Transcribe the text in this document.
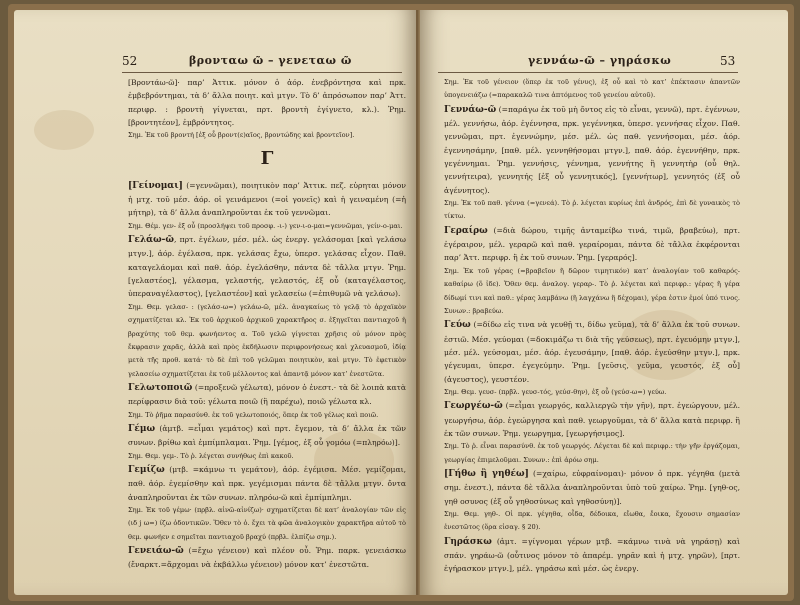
52	βρονταω ῶ – γενεταω ῶ

[Βροντάω-ῶ]· παρ’ Ἀττικ. μόνον ὁ ἀόρ. ἐνεβρόντησα καὶ πρκ. ἐμβεβρόντημαι, τὰ δ’ ἄλλα ποιητ. καὶ μτγν. Τὸ δ’ ἀπρόσωπον παρ’ Ἀττ. περιφρ. : βροντὴ γίγνεται, πρτ. βροντὴ ἐγίγνετο, κλ.). Ῥημ. [βροντητέον], ἐμβρόντητος.

Σημ. Ἐκ τοῦ βροντή [ἐξ οὗ βροντ(ε)αῖος, βροντώδης καὶ βροντεῖον].

Γ

[Γείνομαι] (=γεννῶμαι), ποιητικὸν παρ’ Ἀττικ. πεζ. εὑρηται μόνον ἡ μτχ. τοῦ μέσ. ἀόρ. οἱ γεινάμενοι (=οἱ γονεῖς) καὶ ἡ γειναμένη (=ἡ μήτηρ), τὰ δ’ ἄλλα ἀναπληροῦνται ἐκ τοῦ γεννῶμαι.

Σημ. Θέμ. γεν- ἐξ οὗ (προσλήψει τοῦ προσφ. -ι-) γεν-ι-ο-μαι=γεννῶμαι, γείν-ο-μαι.

Γελάω-ῶ, πρτ. ἐγέλων, μέσ. μέλ. ὡς ἐνεργ. γελάσομαι [καὶ γελάσω μτγν.], ἀόρ. ἐγέλασα, πρκ. γελάσας ἔχω, ὑπερσ. γελάσας εἶχον. Παθ. καταγελάομαι καὶ παθ. ἀόρ. ἐγελάσθην, πάντα δὲ τἄλλα μτγν. Ῥημ. [γελαστέος], γέλασμα, γελαστής, γελαστός, ἐξ οὗ (καταγέλαστος, ὑπεραναγέλαστος), [γελαστέον] καὶ γελασείω (=ἐπιθυμῶ νὰ γελάσω).

Σημ. Θεμ. γελασ- : (γελάσ-ω=) γελάω-ῶ, μέλ. ἀναγκαίως τὸ γελᾷ τὸ ἀρχαϊκὸν σχηματίζεται κλ. Ἐκ τοῦ ἀρχικοῦ ἀρχικοῦ χαρακτῆρος σ. ἐξηγεῖται παντιαχοῦ ἡ βραχύτης τοῦ θεμ. φωνήεντος α. Τοῦ γελῶ γίγνεται χρῆσις οὐ μόνον πρὸς ἔκφρασιν χαρᾶς, ἀλλὰ καὶ πρὸς ἐκδήλωσιν περιφρονήσεως καὶ χλευασμοῦ, ἰδίᾳ μετὰ τῆς προθ. κατά· τὸ δὲ ἐπὶ τοῦ γελῶμαι ποιητικὸν, καὶ μτγν. Τὸ ἐφετικὸν γελασείω σχηματίζεται ἐκ τοῦ μέλλοντος καὶ ἀπαντᾷ μόνον κατ’ ἐνεστῶτα.

Γελωτοποιῶ (=προξενῶ γέλωτα), μόνον ὁ ἐνεστ.· τὰ δὲ λοιπὰ κατὰ περίφρασιν διὰ τοῦ: γέλωτα ποιῶ (ἢ παρέχω), ποιῶ γέλωτα κλ.

Σημ. Τὸ ῥῆμα παρασύνθ. ἐκ τοῦ γελωτοποιός, ὅπερ ἐκ τοῦ γέλως καὶ ποιῶ.

Γέμω (ἀμτβ. =εἶμαι γεμάτος) καὶ πρτ. ἔγεμον, τὰ δ’ ἄλλα ἐκ τῶν συνων. βρίθω καὶ ἐμπίμπλαμαι. Ῥημ. [γέμος, ἐξ οὗ γομόω (=πληρόω)].

Σημ. Θεμ. γεμ-. Τὸ ῥ. λέγεται συνήθως ἐπὶ κακοῦ.

Γεμίζω (μτβ. =κάμνω τι γεμάτον), ἀόρ. ἐγέμισα. Μέσ. γεμίζομαι, παθ. ἀόρ. ἐγεμίσθην καὶ πρκ. γεγέμισμαι πάντα δὲ τἄλλα μτγν. ὄντα ἀναπληροῦνται ἐκ τῶν συνων. πληρόω-ῶ καὶ ἐμπίμπλημι.

Σημ. Ἐκ τοῦ γέμω· (πρβλ. αἰνῶ-αἰνίζω)· σχηματίζεται δὲ κατ’ ἀναλογίαν τῶν εἰς (ιδ j ω=) ίζω ὀδοντικῶν. Ὅθεν τὸ ὁ. ἔχει τὰ φῶα ἀναλογικὸν χαρακτῆρα αὐτοῦ τὸ θεμ. φωνήεν ε σημεῖται παντιαχοῦ βραχύ (πρβλ. ἐλπίζω σημ.).

Γενειάω-ῶ (=ἔχω γένειον) καὶ πλέον οὖ. Ῥημ. παρκ. γενειάσκω (ἔναρκτ.=ἄρχομαι νὰ ἐκβάλλω γένειον) μόνον κατ’ ἐνεστῶτα.

γεννάω-ῶ – γηράσκω	53

Σημ. Ἐκ τοῦ γένειον (ὅπερ ἐκ τοῦ γένυς), ἐξ οὗ καὶ τὸ κατ’ ἐπέκτασιν ἀπαντῶν ὑπογενειάζω (=παρακαλῶ τινα ἁπτόμενος τοῦ γενείου αὐτοῦ).

Γεννάω-ῶ (=παράγω ἐκ τοῦ μὴ ὄντος εἰς τὸ εἶναι, γεννῶ), πρτ. ἐγέννων, μέλ. γεννήσω, ἀόρ. ἐγέννησα, πρκ. γεγέννηκα, ὑπερσ. γεννήσας εἶχον. Παθ. γεννῶμαι, πρτ. ἐγεννώμην, μέσ. μέλ. ὡς παθ. γεννήσομαι, μέσ. ἀόρ. ἐγεννησάμην, [παθ. μέλ. γεννηθήσομαι μτγν.], παθ. ἀόρ. ἐγεννήθην, πρκ. γεγέννημαι. Ῥημ. γεννήσις, γέννημα, γεννήτης ἢ γεννητὴρ (οὗ θηλ. γεννήτειρα), γεννητής [ἐξ οὗ γεννητικός], [γεννήτωρ], γεννητός (ἐξ οὗ ἀγέννητος).

Σημ. Ἐκ τοῦ παθ. γέννα (=γενεά). Τὸ ῥ. λέγεται κυρίως ἐπὶ ἀνδρός, ἐπὶ δὲ γυναικὸς τὸ τίκτω.

Γεραίρω (=διὰ δώρου, τιμῆς ἀνταμείβω τινά, τιμῶ, βραβεύω), πρτ. ἐγέραιρον, μέλ. γεραρῶ καὶ παθ. γεραίρομαι, πάντα δὲ τἄλλα ἐκφέρονται παρ’ Ἀττ. περιφρ. ἢ ἐκ τοῦ συνων. Ῥημ. [γεραρός].

Σημ. Ἐκ τοῦ γέρας (=βραβεῖον ἢ δῶρον τιμητικόν) κατ’ ἀναλογίαν τοῦ καθαρός-καθαίρω (ὅ ἰδε). Ὅθεν θεμ. ἀναλογ. γεραρ-. Τὸ ῥ. λέγεται καὶ περιφρ.: γέρας ἢ γέρα δίδωμί τινι καὶ παθ.: γέρας λαμβάνω (ἢ λαγχάνω ἢ δέχομαι), γέρα ἐστιν ἐμοί ὑπό τινος. Συνων.: βραβεύω.

Γεύω (=δίδω εἰς τινα νὰ γευθῇ τι, δίδω γεῦμα), τὰ δ’ ἄλλα ἐκ τοῦ συνων. ἑστιῶ. Μέσ. γεύομαι (=δοκιμάζω τι διὰ τῆς γεύσεως), πρτ. ἐγευόμην μτγν.], μέσ. μέλ. γεύσομαι, μέσ. ἀόρ. ἐγευσάμην, [παθ. ἀόρ. ἐγεύσθην μτγν.], πρκ. γέγευμαι, ὑπερσ. ἐγεγεύμην. Ῥημ. [γεῦσις, γεῦμα, γευστός, ἐξ οὗ] (ἀγευστος), γευστέον.

Σημ. Θεμ. γευσ- (πρβλ. γευσ-τός, γεύσ-θην), ἐξ οὗ (γεύσ-ω=) γεύω.

Γεωργέω-ῶ (=εἶμαι γεωργός, καλλιεργῶ τὴν γῆν), πρτ. ἐγεώργουν, μέλ. γεωργήσω, ἀόρ. ἐγεώργησα καὶ παθ. γεωργοῦμαι, τὰ δ’ ἄλλα κατὰ περιφρ. ἢ ἐκ τῶν συνων. Ῥημ. γεωργημα, [γεωργήσιμος].

Σημ. Τὸ ῥ. εἶναι παρασύνθ. ἐκ τοῦ γεωργός. Λέγεται δὲ καὶ περιφρ.: τὴν γῆν ἐργάζομαι, γεωργίας ἐπιμελοῦμαι. Συνων.: ἐπὶ ἀρόω σημ.

[Γήθω ἢ γηθέω] (=χαίρω, εὐφραίνομαι)· μόνον ὁ πρκ. γέγηθα (μετὰ σημ. ἐνεστ.), πάντα δὲ τἄλλα ἀναπληροῦνται ὑπὸ τοῦ χαίρω. Ῥημ. [γηθ-ος, γηθ οσυνος (ἐξ οὗ γηθοσύνως καὶ γηθοσύνη)].

Σημ. Θεμ. γηθ-. Οἱ πρκ. γέγηθα, οἶδα, δέδοικα, εἴωθα, ἔοικα, ἔχουσιν σημασίαν ἐνεστῶτος (ὅρα εἰσαγ. § 20).

Γηράσκω (ἀμτ. =γίγνομαι γέρων μτβ. =κάμνω τινὰ νὰ γηράσῃ) καὶ σπάν. γηράω-ῶ (οὗτινος μόνον τὸ ἀπαρέμ. γηρᾶν καὶ ἡ μτχ. γηρῶν), [πρτ. ἐγήρασκον μτγν.], μέλ. γηράσω καὶ μέσ. ὡς ἐνεργ.
